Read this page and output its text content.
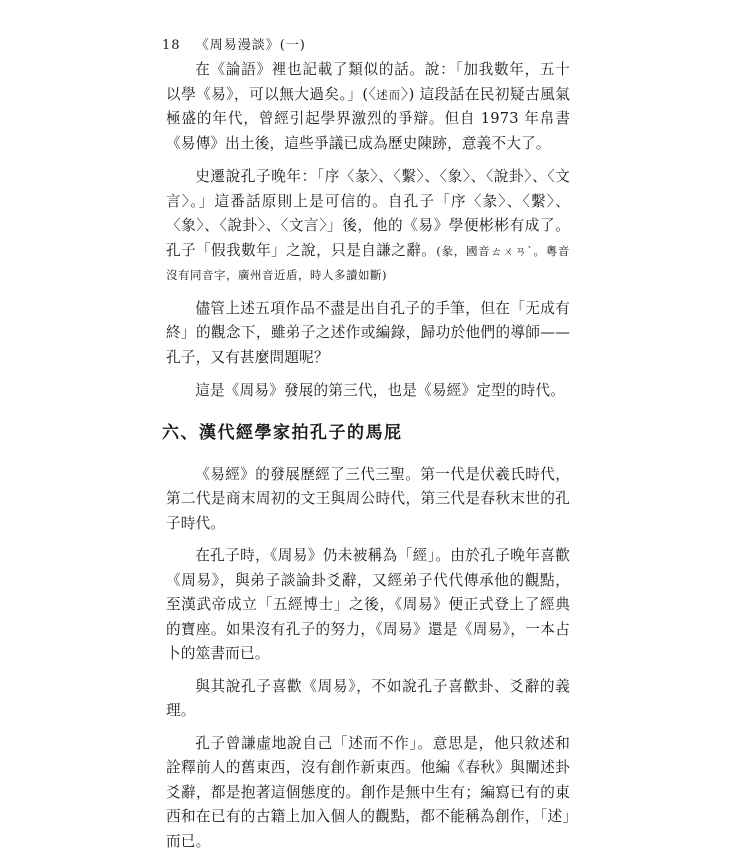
18 《周易漫談》(一)

在《論語》裡也記載了類似的話。說：「加我數年，五十以學《易》，可以無大過矣。」(〈述而〉) 這段話在民初疑古風氣極盛的年代，曾經引起學界激烈的爭辯。但自 1973 年帛書《易傳》出土後，這些爭議已成為歷史陳跡，意義不大了。

史遷說孔子晚年：「序〈彖〉、〈繫〉、〈象〉、〈說卦〉、〈文言〉。」這番話原則上是可信的。自孔子「序〈彖〉、〈繫〉、〈象〉、〈說卦〉、〈文言〉」後，他的《易》學便彬彬有成了。孔子「假我數年」之說，只是自謙之辭。(彖，國音ㄊㄨㄢˋ。粵音沒有同音字，廣州音近盾，時人多讀如斷)

儘管上述五項作品不盡是出自孔子的手筆，但在「无成有終」的觀念下，雖弟子之述作或編錄，歸功於他們的導師——孔子，又有甚麼問題呢？

這是《周易》發展的第三代，也是《易經》定型的時代。

六、漢代經學家拍孔子的馬屁

《易經》的發展歷經了三代三聖。第一代是伏羲氏時代，第二代是商末周初的文王與周公時代，第三代是春秋末世的孔子時代。

在孔子時，《周易》仍未被稱為「經」。由於孔子晚年喜歡《周易》，與弟子談論卦爻辭，又經弟子代代傳承他的觀點，至漢武帝成立「五經博士」之後，《周易》便正式登上了經典的寶座。如果沒有孔子的努力，《周易》還是《周易》，一本占卜的筮書而已。

與其說孔子喜歡《周易》，不如說孔子喜歡卦、爻辭的義理。

孔子曾謙虛地說自己「述而不作」。意思是，他只敘述和詮釋前人的舊東西，沒有創作新東西。他編《春秋》與闡述卦爻辭，都是抱著這個態度的。創作是無中生有；編寫已有的東西和在已有的古籍上加入個人的觀點，都不能稱為創作，「述」而已。
